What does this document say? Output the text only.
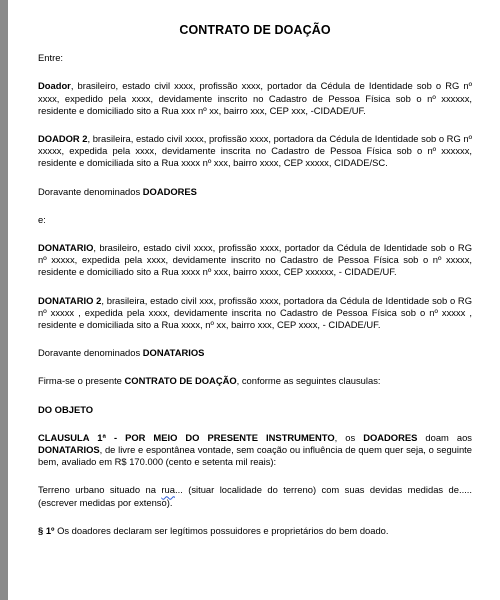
CONTRATO DE DOAÇÃO

Entre:

Doador, brasileiro, estado civil xxxx, profissão xxxx, portador da Cédula de Identidade sob o RG nº xxxx, expedido pela xxxx, devidamente inscrito no Cadastro de Pessoa Física sob o nº xxxxxx, residente e domiciliado sito a Rua xxx nº xx, bairro xxx, CEP xxx, -CIDADE/UF.

DOADOR 2, brasileira, estado civil xxxx, profissão xxxx, portadora da Cédula de Identidade sob o RG nº xxxxx, expedida pela xxxx, devidamente inscrita no Cadastro de Pessoa Física sob o nº xxxxxx, residente e domiciliada sito a Rua xxxx nº xxx, bairro xxxx, CEP xxxxx, CIDADE/SC.

Doravante denominados DOADORES

e:

DONATARIO, brasileiro, estado civil xxxx, profissão xxxx, portador da Cédula de Identidade sob o RG nº xxxxx, expedida pela xxxx, devidamente inscrito no Cadastro de Pessoa Física sob o nº xxxxx, residente e domiciliado sito a Rua xxxx nº xxx, bairro xxxx, CEP xxxxxx, - CIDADE/UF.

DONATARIO 2, brasileira, estado civil xxx, profissão xxxx, portadora da Cédula de Identidade sob o RG nº xxxxx , expedida pela xxxx, devidamente inscrita no Cadastro de Pessoa Física sob o nº xxxxx , residente e domiciliada sito a Rua xxxx, nº xx, bairro xxx, CEP xxxx, - CIDADE/UF.

Doravante denominados DONATARIOS

Firma-se o presente CONTRATO DE DOAÇÃO, conforme as seguintes clausulas:

DO OBJETO

CLAUSULA 1ª - POR MEIO DO PRESENTE INSTRUMENTO, os DOADORES doam aos DONATARIOS, de livre e espontânea vontade, sem coação ou influência de quem quer seja, o seguinte bem, avaliado em R$ 170.000 (cento e setenta mil reais):

Terreno urbano situado na rua... (situar localidade do terreno) com suas devidas medidas de..... (escrever medidas por extenso).

§ 1º Os doadores declaram ser legítimos possuidores e proprietários do bem doado.
